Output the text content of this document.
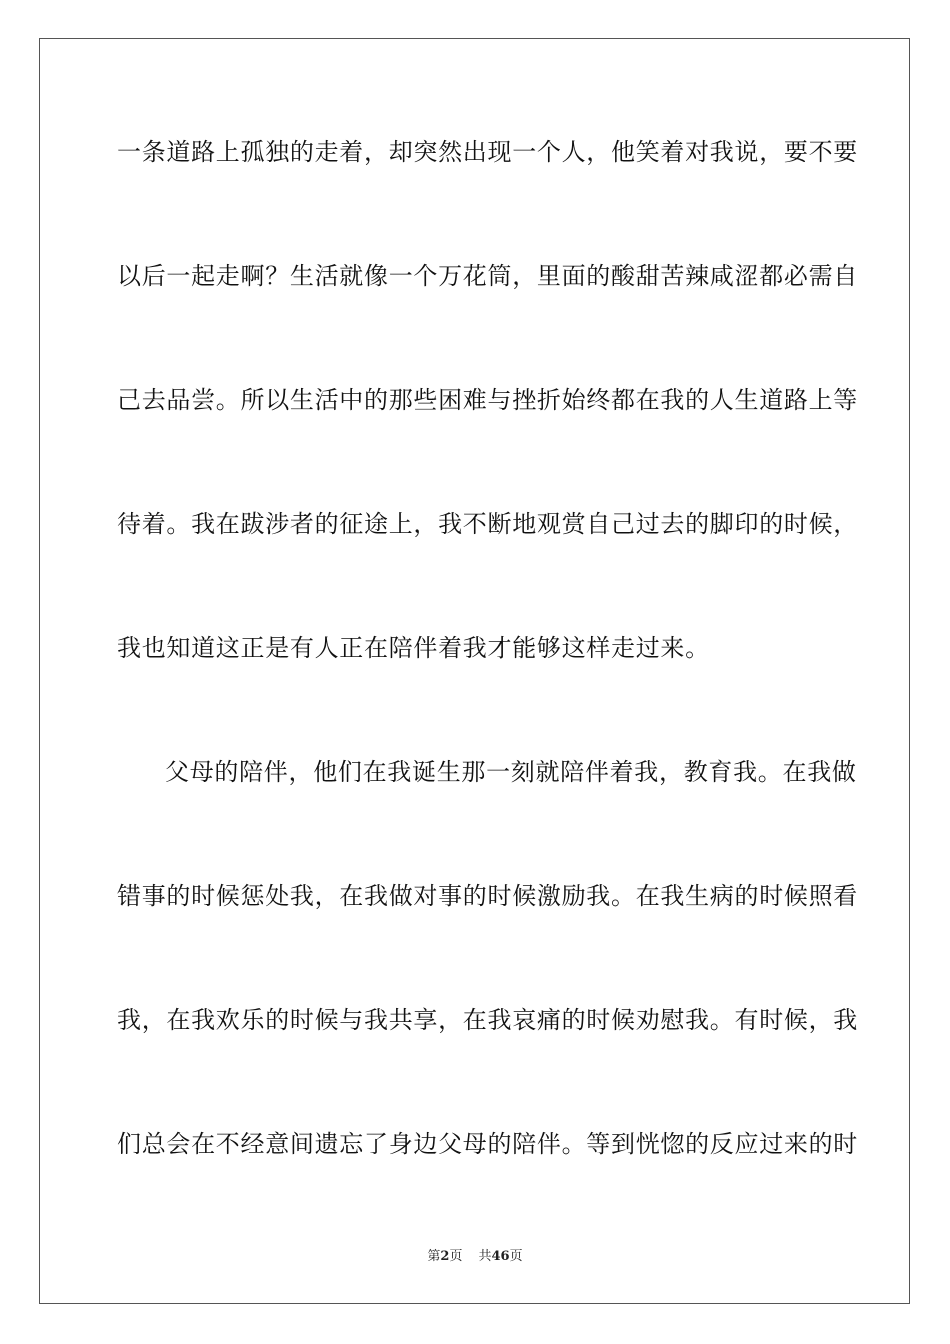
一条道路上孤独的走着，却突然出现一个人，他笑着对我说，要不要
以后一起走啊？生活就像一个万花筒，里面的酸甜苦辣咸涩都必需自
己去品尝。所以生活中的那些困难与挫折始终都在我的人生道路上等
待着。我在跋涉者的征途上，我不断地观赏自己过去的脚印的时候，
我也知道这正是有人正在陪伴着我才能够这样走过来。
父母的陪伴，他们在我诞生那一刻就陪伴着我，教育我。在我做
错事的时候惩处我，在我做对事的时候激励我。在我生病的时候照看
我，在我欢乐的时候与我共享，在我哀痛的时候劝慰我。有时候，我
们总会在不经意间遗忘了身边父母的陪伴。等到恍惚的反应过来的时
第2页 共46页
